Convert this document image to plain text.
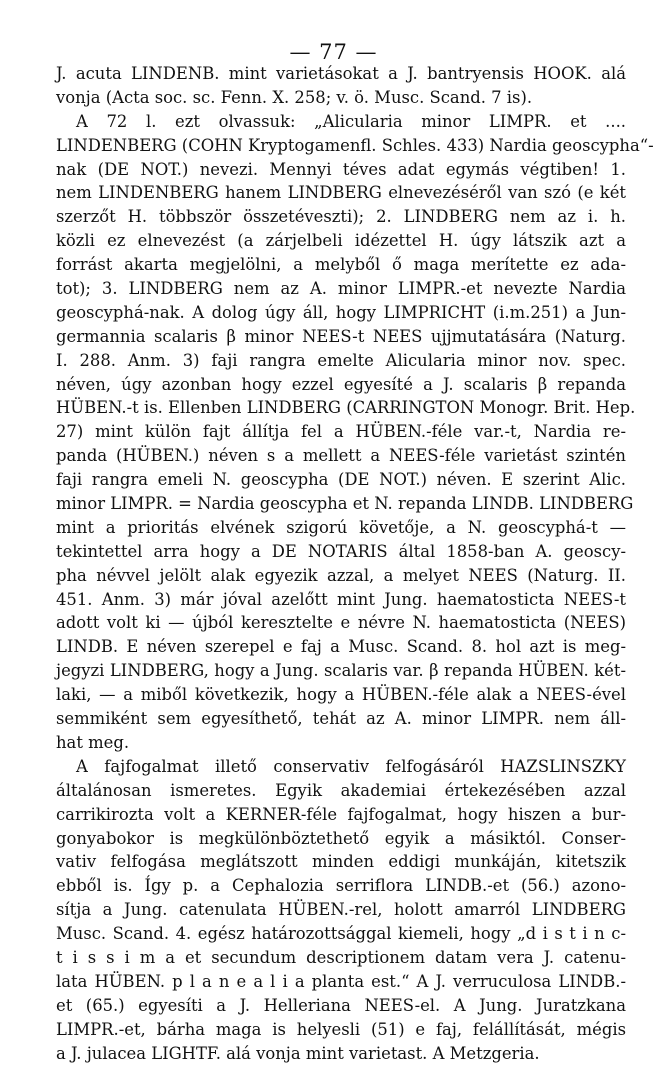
— 77 —
J. acuta LINDENB. mint varietásokat a J. bantryensis HOOK. alá
vonja (Acta soc. sc. Fenn. X. 258; v. ö. Musc. Scand. 7 is).
A 72 l. ezt olvassuk: „Alicularia minor LIMPR. et ....
LINDENBERG (COHN Kryptogamenfl. Schles. 433) Nardia geoscypha“-
nak (DE NOT.) nevezi. Mennyi téves adat egymás végtiben! 1.
nem LINDENBERG hanem LINDBERG elnevezéséről van szó (e két
szerzőt H. többször összetéveszti); 2. LINDBERG nem az i. h.
közli ez elnevezést (a zárjelbeli idézettel H. úgy látszik azt a
forrást akarta megjelölni, a melyből ő maga merítette ez ada-
tot); 3. LINDBERG nem az A. minor LIMPR.-et nevezte Nardia
geoscyphá-nak. A dolog úgy áll, hogy LIMPRICHT (i.m.251) a Jun-
germannia scalaris β minor NEES-t NEES ujjmutatására (Naturg.
I. 288. Anm. 3) faji rangra emelte Alicularia minor nov. spec.
néven, úgy azonban hogy ezzel egyesíté a J. scalaris β repanda
HÜBEN.-t is. Ellenben LINDBERG (CARRINGTON Monogr. Brit. Hep.
27) mint külön fajt állítja fel a HÜBEN.-féle var.-t, Nardia re-
panda (HÜBEN.) néven s a mellett a NEES-féle varietást szintén
faji rangra emeli N. geoscypha (DE NOT.) néven. E szerint Alic.
minor LIMPR. = Nardia geoscypha et N. repanda LINDB. LINDBERG
mint a prioritás elvének szigorú követője, a N. geoscyphá-t —
tekintettel arra hogy a DE NOTARIS által 1858-ban A. geoscy-
pha névvel jelölt alak egyezik azzal, a melyet NEES (Naturg. II.
451. Anm. 3) már jóval azelőtt mint Jung. haematosticta NEES-t
adott volt ki — újból keresztelte e névre N. haematosticta (NEES)
LINDB. E néven szerepel e faj a Musc. Scand. 8. hol azt is meg-
jegyzi LINDBERG, hogy a Jung. scalaris var. β repanda HÜBEN. két-
laki, — a miből következik, hogy a HÜBEN.-féle alak a NEES-ével
semmiként sem egyesíthető, tehát az A. minor LIMPR. nem áll-
hat meg.
A fajfogalmat illető conservativ felfogásáról HAZSLINSZKY
általánosan ismeretes. Egyik akademiai értekezésében azzal
carrikirozta volt a KERNER-féle fajfogalmat, hogy hiszen a bur-
gonyabokor is megkülönböztethető egyik a másiktól. Conser-
vativ felfogása meglátszott minden eddigi munkáján, kitetszik
ebből is. Így p. a Cephalozia serriflora LINDB.-et (56.) azono-
sítja a Jung. catenulata HÜBEN.-rel, holott amarról LINDBERG
Musc. Scand. 4. egész határozottsággal kiemeli, hogy „d i s t i n c-
t i s s i m a et secundum descriptionem datam vera J. catenu-
lata HÜBEN. p l a n e a l i a planta est.“ A J. verruculosa LINDB.-
et (65.) egyesíti a J. Helleriana NEES-el. A Jung. Juratzkana
LIMPR.-et, bárha maga is helyesli (51) e faj, felállítását, mégis
a J. julacea LIGHTF. alá vonja mint varietast. A Metzgeria.
